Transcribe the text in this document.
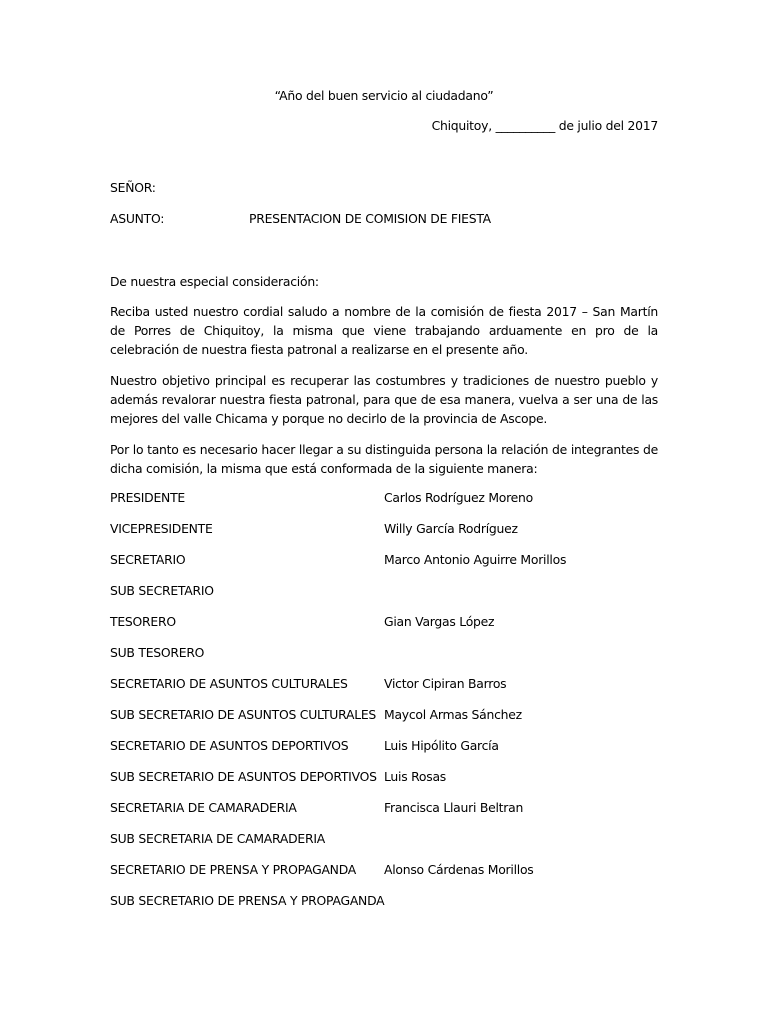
“Año del buen servicio al ciudadano”
Chiquitoy, __________ de julio del 2017
SEÑOR:
ASUNTO:	PRESENTACION DE COMISION DE FIESTA
De nuestra especial consideración:

Reciba usted nuestro cordial saludo a nombre de la comisión de fiesta 2017 – San Martín de Porres de Chiquitoy, la misma que viene trabajando arduamente en pro de la celebración de nuestra fiesta patronal a realizarse en el presente año.

Nuestro objetivo principal es recuperar las costumbres y tradiciones de nuestro pueblo y además revalorar nuestra fiesta patronal, para que de esa manera, vuelva a ser una de las mejores del valle Chicama y porque no decirlo de la provincia de Ascope.

Por lo tanto es necesario hacer llegar a su distinguida persona la relación de integrantes de dicha comisión, la misma que está conformada de la siguiente manera:

PRESIDENTE	Carlos Rodríguez Moreno
VICEPRESIDENTE	Willy García Rodríguez
SECRETARIO	Marco Antonio Aguirre Morillos
SUB SECRETARIO
TESORERO	Gian Vargas López
SUB TESORERO
SECRETARIO DE ASUNTOS CULTURALES	Victor Cipiran Barros
SUB SECRETARIO DE ASUNTOS CULTURALES Maycol Armas Sánchez
SECRETARIO DE ASUNTOS DEPORTIVOS	Luis Hipólito García
SUB SECRETARIO DE ASUNTOS DEPORTIVOS Luis Rosas
SECRETARIA DE CAMARADERIA	Francisca Llauri Beltran
SUB SECRETARIA DE CAMARADERIA
SECRETARIO DE PRENSA Y PROPAGANDA Alonso Cárdenas Morillos
SUB SECRETARIO DE PRENSA Y PROPAGANDA
